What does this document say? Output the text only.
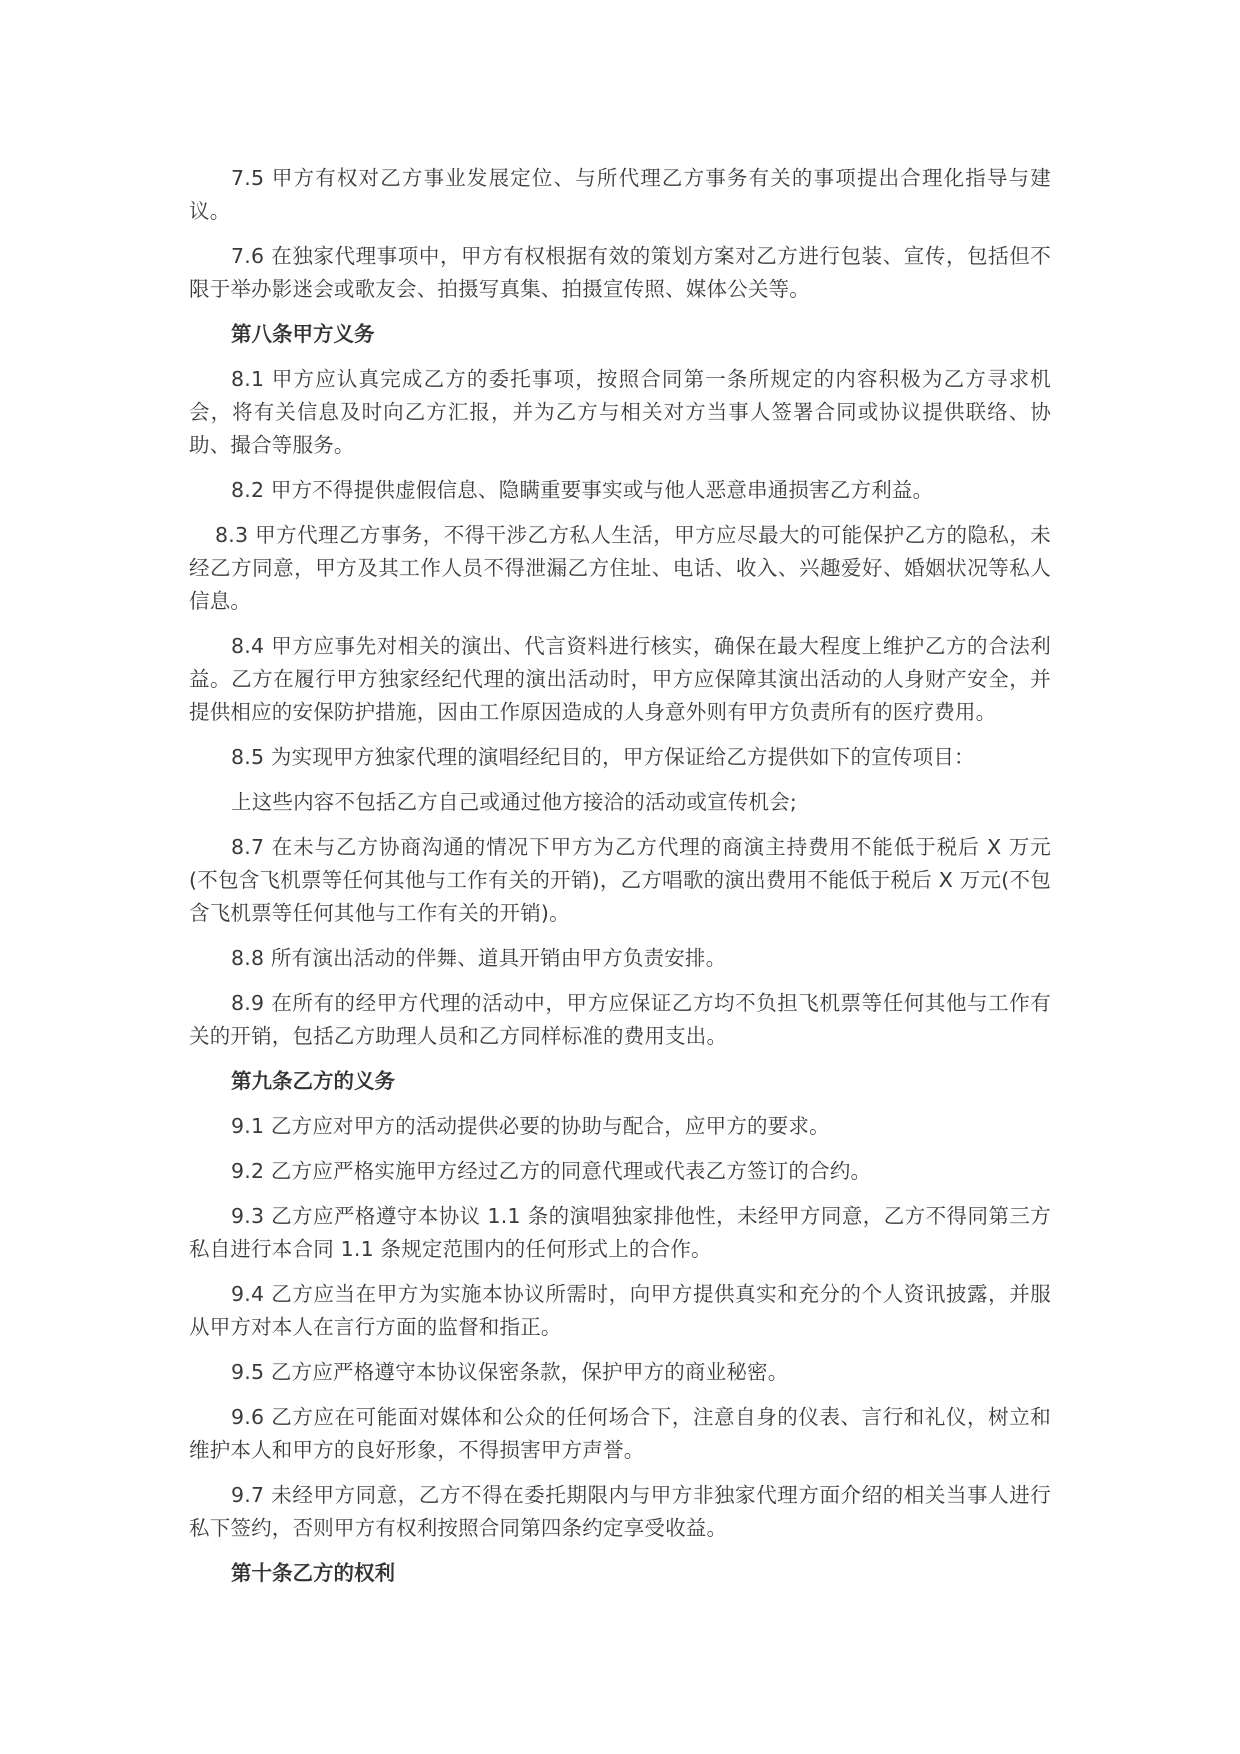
7.5 甲方有权对乙方事业发展定位、与所代理乙方事务有关的事项提出合理化指导与建议。

7.6 在独家代理事项中，甲方有权根据有效的策划方案对乙方进行包装、宣传，包括但不限于举办影迷会或歌友会、拍摄写真集、拍摄宣传照、媒体公关等。

第八条甲方义务

8.1 甲方应认真完成乙方的委托事项，按照合同第一条所规定的内容积极为乙方寻求机会，将有关信息及时向乙方汇报，并为乙方与相关对方当事人签署合同或协议提供联络、协助、撮合等服务。

8.2 甲方不得提供虚假信息、隐瞒重要事实或与他人恶意串通损害乙方利益。

8.3 甲方代理乙方事务，不得干涉乙方私人生活，甲方应尽最大的可能保护乙方的隐私，未经乙方同意，甲方及其工作人员不得泄漏乙方住址、电话、收入、兴趣爱好、婚姻状况等私人信息。

8.4 甲方应事先对相关的演出、代言资料进行核实，确保在最大程度上维护乙方的合法利益。乙方在履行甲方独家经纪代理的演出活动时，甲方应保障其演出活动的人身财产安全，并提供相应的安保防护措施，因由工作原因造成的人身意外则有甲方负责所有的医疗费用。

8.5 为实现甲方独家代理的演唱经纪目的，甲方保证给乙方提供如下的宣传项目：

上这些内容不包括乙方自己或通过他方接洽的活动或宣传机会;

8.7 在未与乙方协商沟通的情况下甲方为乙方代理的商演主持费用不能低于税后 X 万元(不包含飞机票等任何其他与工作有关的开销)，乙方唱歌的演出费用不能低于税后 X 万元(不包含飞机票等任何其他与工作有关的开销)。

8.8 所有演出活动的伴舞、道具开销由甲方负责安排。

8.9 在所有的经甲方代理的活动中，甲方应保证乙方均不负担飞机票等任何其他与工作有关的开销，包括乙方助理人员和乙方同样标准的费用支出。

第九条乙方的义务

9.1 乙方应对甲方的活动提供必要的协助与配合，应甲方的要求。

9.2 乙方应严格实施甲方经过乙方的同意代理或代表乙方签订的合约。

9.3 乙方应严格遵守本协议 1.1 条的演唱独家排他性，未经甲方同意，乙方不得同第三方私自进行本合同 1.1 条规定范围内的任何形式上的合作。

9.4 乙方应当在甲方为实施本协议所需时，向甲方提供真实和充分的个人资讯披露，并服从甲方对本人在言行方面的监督和指正。

9.5 乙方应严格遵守本协议保密条款，保护甲方的商业秘密。

9.6 乙方应在可能面对媒体和公众的任何场合下，注意自身的仪表、言行和礼仪，树立和维护本人和甲方的良好形象，不得损害甲方声誉。

9.7 未经甲方同意，乙方不得在委托期限内与甲方非独家代理方面介绍的相关当事人进行私下签约，否则甲方有权利按照合同第四条约定享受收益。

第十条乙方的权利
